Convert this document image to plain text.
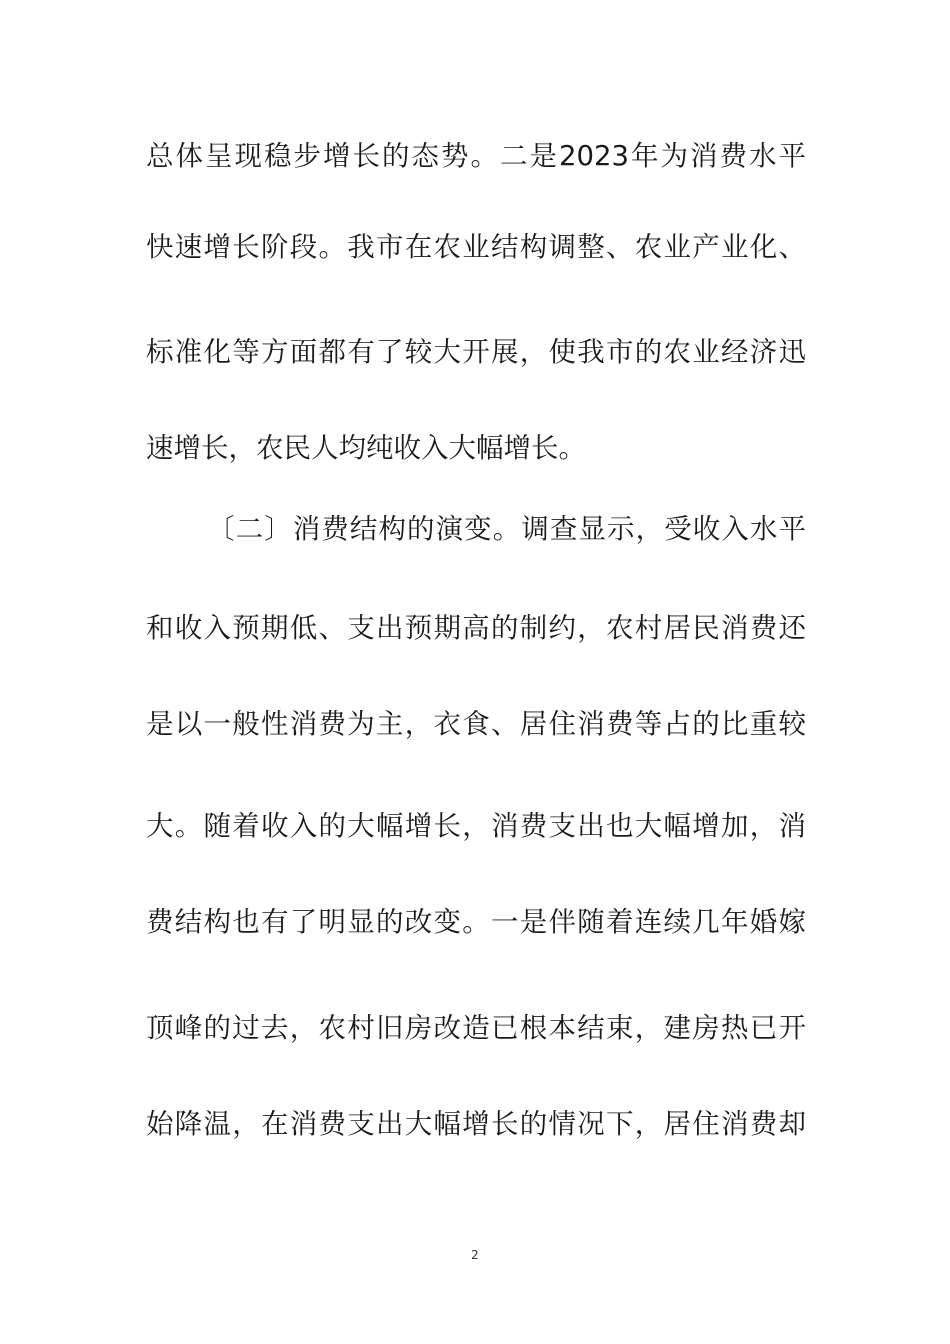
总体呈现稳步增长的态势。二是2023年为消费水平
快速增长阶段。我市在农业结构调整、农业产业化、
标准化等方面都有了较大开展，使我市的农业经济迅
速增长，农民人均纯收入大幅增长。
〔二〕消费结构的演变。调查显示，受收入水平
和收入预期低、支出预期高的制约，农村居民消费还
是以一般性消费为主，衣食、居住消费等占的比重较
大。随着收入的大幅增长，消费支出也大幅增加，消
费结构也有了明显的改变。一是伴随着连续几年婚嫁
顶峰的过去，农村旧房改造已根本结束，建房热已开
始降温，在消费支出大幅增长的情况下，居住消费却
2
